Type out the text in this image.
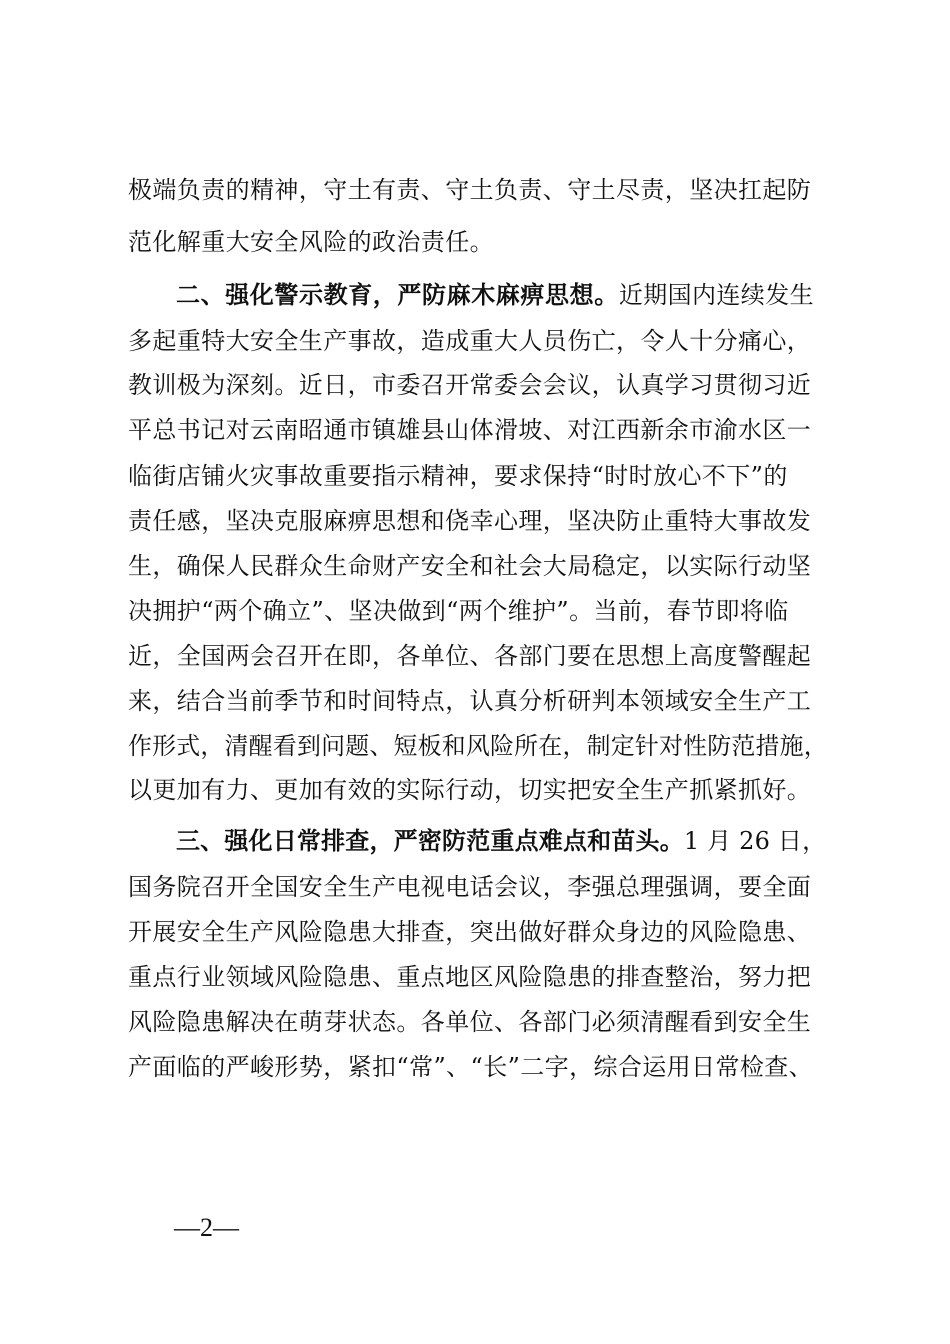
极端负责的精神，守土有责、守土负责、守土尽责，坚决扛起防
范化解重大安全风险的政治责任。
二、强化警示教育，严防麻木麻痹思想。近期国内连续发生
多起重特大安全生产事故，造成重大人员伤亡，令人十分痛心，
教训极为深刻。近日，市委召开常委会会议，认真学习贯彻习近
平总书记对云南昭通市镇雄县山体滑坡、对江西新余市渝水区一
临街店铺火灾事故重要指示精神，要求保持“时时放心不下”的
责任感，坚决克服麻痹思想和侥幸心理，坚决防止重特大事故发
生，确保人民群众生命财产安全和社会大局稳定，以实际行动坚
决拥护“两个确立”、坚决做到“两个维护”。当前，春节即将临
近，全国两会召开在即，各单位、各部门要在思想上高度警醒起
来，结合当前季节和时间特点，认真分析研判本领域安全生产工
作形式，清醒看到问题、短板和风险所在，制定针对性防范措施，
以更加有力、更加有效的实际行动，切实把安全生产抓紧抓好。
三、强化日常排查，严密防范重点难点和苗头。1 月 26 日，
国务院召开全国安全生产电视电话会议，李强总理强调，要全面
开展安全生产风险隐患大排查，突出做好群众身边的风险隐患、
重点行业领域风险隐患、重点地区风险隐患的排查整治，努力把
风险隐患解决在萌芽状态。各单位、各部门必须清醒看到安全生
产面临的严峻形势，紧扣“常”、“长”二字，综合运用日常检查、
—2—
